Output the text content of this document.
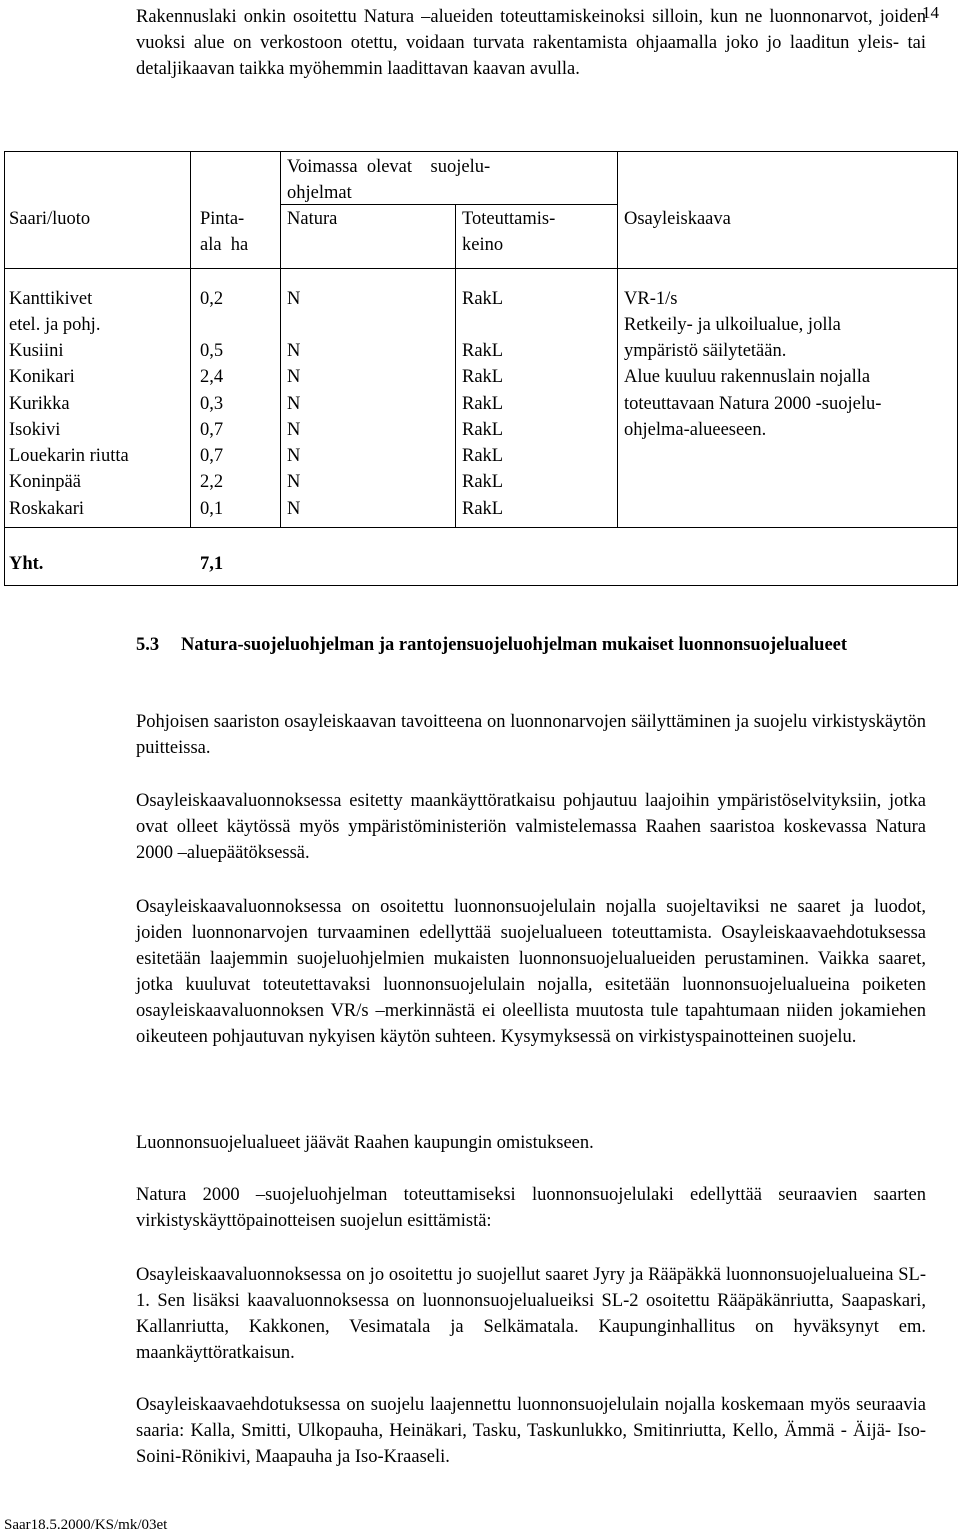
14
Rakennuslaki onkin osoitettu Natura –alueiden toteuttamiskeinoksi silloin, kun ne luonnonarvot, joiden vuoksi alue on verkostoon otettu, voidaan turvata rakentamista ohjaamalla joko jo laaditun yleis- tai detaljikaavan taikka myöhemmin laadittavan kaavan avulla.
Saari/luoto	Pinta-
ala  ha
Voimassa  olevat    suojelu-
ohjelmat
Natura	Toteuttamis-
keino
Osayleiskaava
Kanttikivet	0,2	N	RakL
etel. ja pohj.
Kusiini	0,5	N	RakL
Konikari	2,4	N	RakL
Kurikka	0,3	N	RakL
Isokivi	0,7	N	RakL
Louekarin riutta	0,7	N	RakL
Koninpää	2,2	N	RakL
Roskakari	0,1	N	RakL
VR-1/s
Retkeily- ja ulkoilualue, jolla
ympäristö säilytetään.
Alue kuuluu rakennuslain nojalla
toteuttavaan Natura 2000 -suojelu-
ohjelma-alueeseen.
Yht.	7,1
5.3 Natura-suojeluohjelman ja rantojensuojeluohjelman mukaiset luonnonsuojelualueet
Pohjoisen saariston osayleiskaavan tavoitteena on luonnonarvojen säilyttäminen ja suojelu virkistyskäytön puitteissa.
Osayleiskaavaluonnoksessa esitetty maankäyttöratkaisu pohjautuu laajoihin ympäristöselvityksiin, jotka ovat olleet käytössä myös ympäristöministeriön valmistelemassa Raahen saaristoa koskevassa Natura 2000 –aluepäätöksessä.
Osayleiskaavaluonnoksessa on osoitettu luonnonsuojelulain nojalla suojeltaviksi ne saaret ja luodot, joiden luonnonarvojen turvaaminen edellyttää suojelualueen toteuttamista. Osayleiskaavaehdotuksessa esitetään laajemmin suojeluohjelmien mukaisten luonnonsuojelualueiden perustaminen. Vaikka saaret, jotka kuuluvat toteutettavaksi luonnonsuojelulain nojalla, esitetään luonnonsuojelualueina poiketen osayleiskaavaluonnoksen VR/s –merkinnästä ei oleellista muutosta tule tapahtumaan niiden jokamiehen oikeuteen pohjautuvan nykyisen käytön suhteen. Kysymyksessä on virkistyspainotteinen suojelu.
Luonnonsuojelualueet jäävät Raahen kaupungin omistukseen.
Natura 2000 –suojeluohjelman toteuttamiseksi luonnonsuojelulaki edellyttää seuraavien saarten virkistyskäyttöpainotteisen suojelun esittämistä:
Osayleiskaavaluonnoksessa on jo osoitettu jo suojellut saaret Jyry ja Rääpäkkä luonnonsuojelualueina SL-1. Sen lisäksi kaavaluonnoksessa on luonnonsuojelualueiksi SL-2 osoitettu Rääpäkänriutta, Saapaskari, Kallanriutta, Kakkonen, Vesimatala ja Selkämatala. Kaupunginhallitus on hyväksynyt em. maankäyttöratkaisun.
Osayleiskaavaehdotuksessa on suojelu laajennettu luonnonsuojelulain nojalla koskemaan myös seuraavia saaria: Kalla, Smitti, Ulkopauha, Heinäkari, Tasku, Taskunlukko, Smitinriutta, Kello, Ämmä - Äijä- Iso-Soini-Rönikivi, Maapauha ja Iso-Kraaseli.
Saar18.5.2000/KS/mk/03et
